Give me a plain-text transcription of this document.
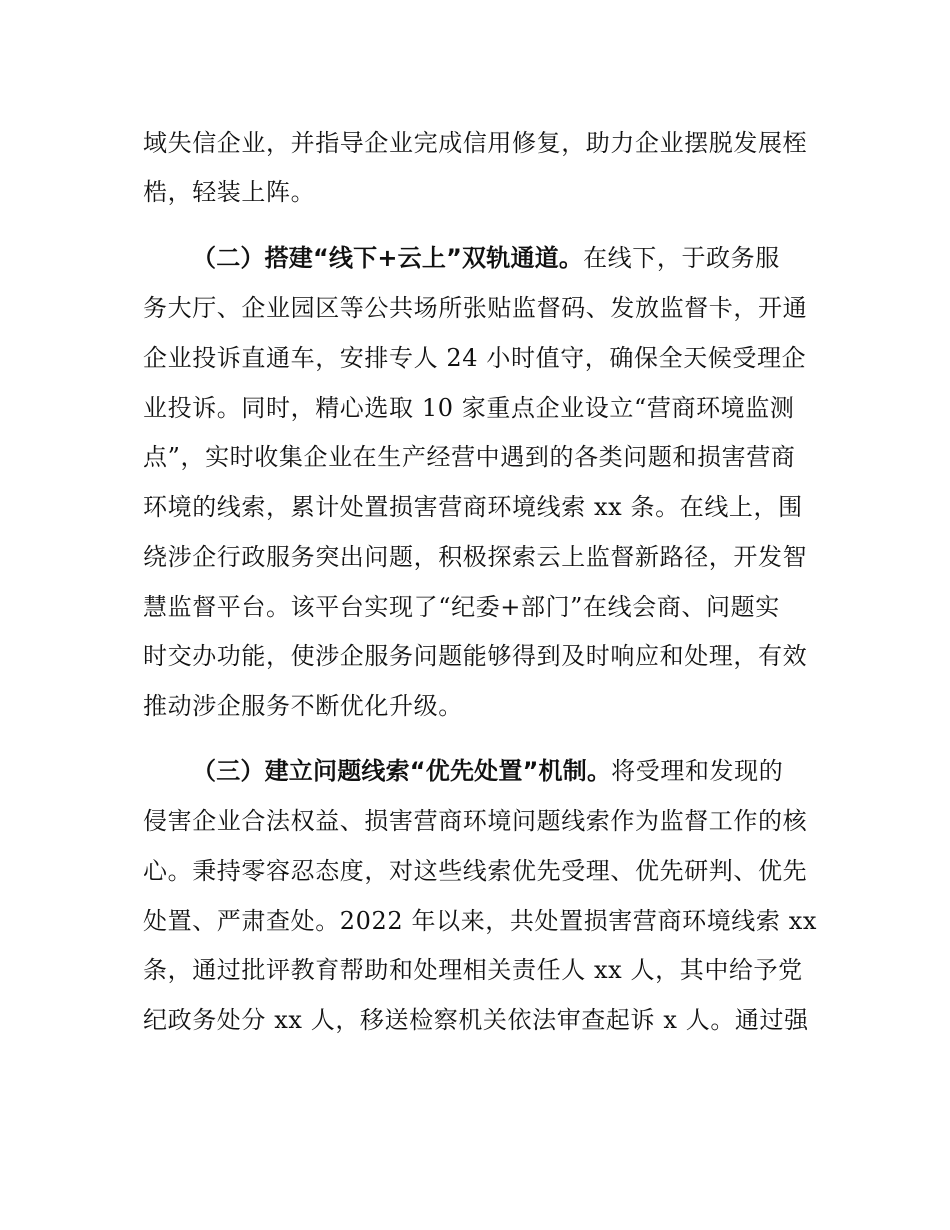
域失信企业，并指导企业完成信用修复，助力企业摆脱发展桎
梏，轻装上阵。
（二）搭建“线下+云上”双轨通道。在线下，于政务服
务大厅、企业园区等公共场所张贴监督码、发放监督卡，开通
企业投诉直通车，安排专人 24 小时值守，确保全天候受理企
业投诉。同时，精心选取 10 家重点企业设立“营商环境监测
点”，实时收集企业在生产经营中遇到的各类问题和损害营商
环境的线索，累计处置损害营商环境线索 xx 条。在线上，围
绕涉企行政服务突出问题，积极探索云上监督新路径，开发智
慧监督平台。该平台实现了“纪委+部门”在线会商、问题实
时交办功能，使涉企服务问题能够得到及时响应和处理，有效
推动涉企服务不断优化升级。
（三）建立问题线索“优先处置”机制。将受理和发现的
侵害企业合法权益、损害营商环境问题线索作为监督工作的核
心。秉持零容忍态度，对这些线索优先受理、优先研判、优先
处置、严肃查处。2022 年以来，共处置损害营商环境线索 xx
条，通过批评教育帮助和处理相关责任人 xx 人，其中给予党
纪政务处分 xx 人，移送检察机关依法审查起诉 x 人。通过强
